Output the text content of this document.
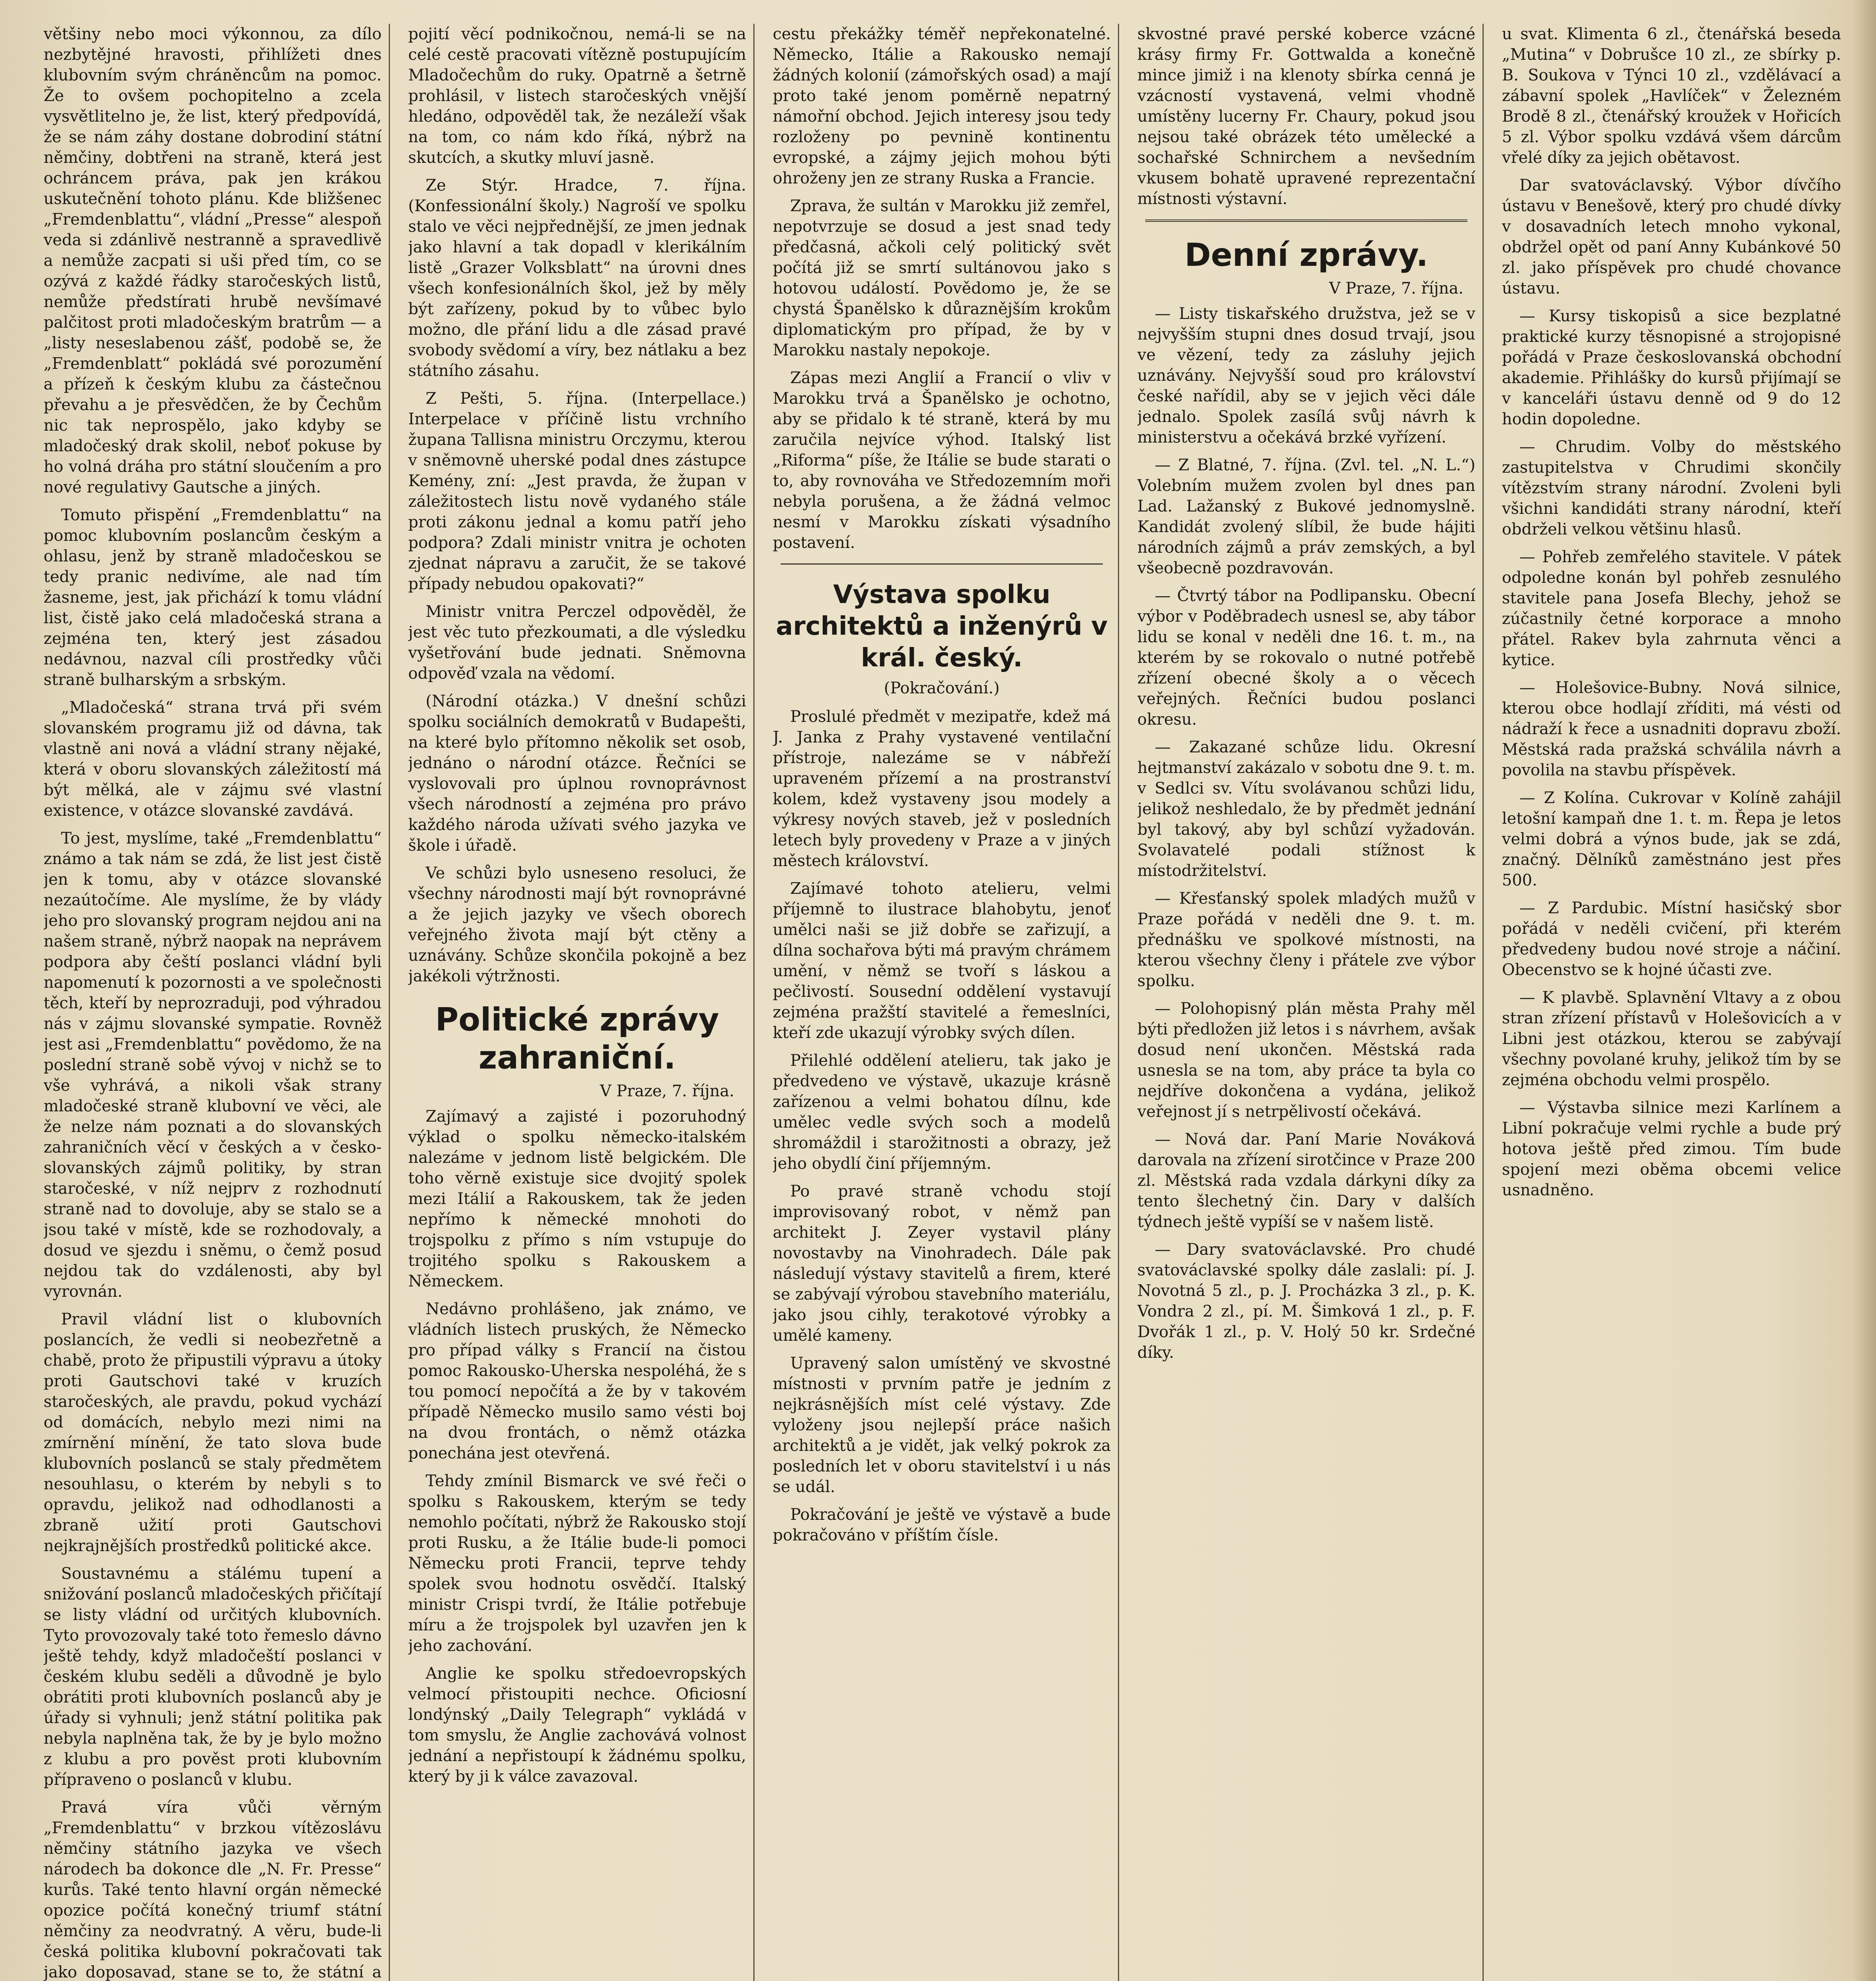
většiny nebo moci výkonnou, za dílo nezbytějné hravosti, přihlížeti dnes klubovním svým chráněncům na pomoc. Že to ovšem pochopitelno a zcela vysvětlitelno je, že list, který předpovídá, že se nám záhy dostane dobrodiní státní němčiny, dobtřeni na straně, která jest ochráncem práva, pak jen krákou uskutečnění tohoto plánu. Kde bližšenec „Fremdenblattu“, vládní „Presse“ alespoň veda si zdánlivě nestranně a spravedlivě a nemůže zacpati si uši před tím, co se ozývá z každé řádky staročeských listů, nemůže předstírati hrubě nevšímavé palčitost proti mladočeským bratrům — a „listy neseslabenou zášť, podobě se, že „Fremdenblatt“ pokládá své porozumění a přízeň k českým klubu za částečnou převahu a je přesvědčen, že by Čechům nic tak neprospělo, jako kdyby se mladočeský drak skolil, neboť pokuse by ho volná dráha pro státní sloučením a pro nové regulativy Gautsche a jiných.

Tomuto přispění „Fremdenblattu“ na pomoc klubovním poslancům českým a ohlasu, jenž by straně mladočeskou se tedy pranic nedivíme, ale nad tím žasneme, jest, jak přichází k tomu vládní list, čistě jako celá mladočeská strana a zejména ten, který jest zásadou nedávnou, nazval cíli prostředky vůči straně bulharským a srbským.

„Mladočeská“ strana trvá při svém slovanském programu již od dávna, tak vlastně ani nová a vládní strany nějaké, která v oboru slovanských záležitostí má být mělká, ale v zájmu své vlastní existence, v otázce slovanské zavdává.

To jest, myslíme, také „Fremdenblattu“ známo a tak nám se zdá, že list jest čistě jen k tomu, aby v otázce slovanské nezaútočíme. Ale myslíme, že by vlády jeho pro slovanský program nejdou ani na našem straně, nýbrž naopak na neprávem podpora aby čeští poslanci vládní byli napomenutí k pozornosti a ve společnosti těch, kteří by neprozraduji, pod výhradou nás v zájmu slovanské sympatie. Rovněž jest asi „Fremdenblattu“ povědomo, že na poslední straně sobě vývoj v nichž se to vše vyhrává, a nikoli však strany mladočeské straně klubovní ve věci, ale že nelze nám poznati a do slovanských zahraničních věcí v českých a v česko-slovanských zájmů politiky, by stran staročeské, v níž nejprv z rozhodnutí straně nad to dovoluje, aby se stalo se a jsou také v místě, kde se rozhodovaly, a dosud ve sjezdu i sněmu, o čemž posud nejdou tak do vzdálenosti, aby byl vyrovnán.

Pravil vládní list o klubovních poslancích, že vedli si neobezřetně a chabě, proto že připustili výpravu a útoky proti Gautschovi také v kruzích staročeských, ale pravdu, pokud vychází od domácích, nebylo mezi nimi na zmírnění mínění, že tato slova bude klubovních poslanců se staly předmětem nesouhlasu, o kterém by nebyli s to opravdu, jelikož nad odhodlanosti a zbraně užití proti Gautschovi nejkrajnějších prostředků politické akce.

Soustavnému a stálému tupení a snižování poslanců mladočeských přičítají se listy vládní od určitých klubovních. Tyto provozovaly také toto řemeslo dávno ještě tehdy, když mladočeští poslanci v českém klubu seděli a důvodně je bylo obrátiti proti klubovních poslanců aby je úřady si vyhnuli; jenž státní politika pak nebyla naplněna tak, že by je bylo možno z klubu a pro pověst proti klubovním přípraveno o poslanců v klubu.

Pravá víra vůči věrným „Fremdenblattu“ v brzkou vítězoslávu němčiny státního jazyka ve všech národech ba dokonce dle „N. Fr. Presse“ kurůs. Také tento hlavní orgán německé opozice počítá konečný triumf státní němčiny za neodvratný. A věru, bude-li česká politika klubovní pokračovati tak jako doposavad, stane se to, že státní a

pojití věcí podnikočnou, nemá-li se na celé cestě pracovati vítězně postupujícím Mladočechům do ruky. Opatrně a šetrně prohlásil, v listech staročeských vnější hledáno, odpověděl tak, že nezáleží však na tom, co nám kdo říká, nýbrž na skutcích, a skutky mluví jasně.

Ze Stýr. Hradce, 7. října. (Konfessionální školy.) Nagroší ve spolku stalo ve věci nejpřednější, ze jmen jednak jako hlavní a tak dopadl v klerikálním listě „Grazer Volksblatt“ na úrovni dnes všech konfesionálních škol, jež by měly být zařízeny, pokud by to vůbec bylo možno, dle přání lidu a dle zásad pravé svobody svědomí a víry, bez nátlaku a bez státního zásahu.

Z Pešti, 5. října. (Interpellace.) Interpelace v příčině listu vrchního župana Tallisna ministru Orczymu, kterou v sněmovně uherské podal dnes zástupce Kemény, zní: „Jest pravda, že župan v záležitostech listu nově vydaného stále proti zákonu jednal a komu patří jeho podpora? Zdali ministr vnitra je ochoten zjednat nápravu a zaručit, že se takové případy nebudou opakovati?“

Ministr vnitra Perczel odpověděl, že jest věc tuto přezkoumati, a dle výsledku vyšetřování bude jednati. Sněmovna odpověď vzala na vědomí.

(Národní otázka.) V dnešní schůzi spolku sociálních demokratů v Budapešti, na které bylo přítomno několik set osob, jednáno o národní otázce. Řečníci se vyslovovali pro úplnou rovnoprávnost všech národností a zejména pro právo každého národa užívati svého jazyka ve škole i úřadě.

Ve schůzi bylo usneseno resoluci, že všechny národnosti mají být rovnoprávné a že jejich jazyky ve všech oborech veřejného života mají být ctěny a uznávány. Schůze skončila pokojně a bez jakékoli výtržnosti.

Politické zprávy zahraniční.
V Praze, 7. října.

Zajímavý a zajisté i pozoruhodný výklad o spolku německo-italském nalezáme v jednom listě belgickém. Dle toho věrně existuje sice dvojitý spolek mezi Itálií a Rakouskem, tak že jeden nepřímo k německé mnohoti do trojspolku z přímo s ním vstupuje do trojitého spolku s Rakouskem a Německem.

Nedávno prohlášeno, jak známo, ve vládních listech pruských, že Německo pro případ války s Francií na čistou pomoc Rakousko-Uherska nespoléhá, že s tou pomocí nepočítá a že by v takovém případě Německo musilo samo vésti boj na dvou frontách, o němž otázka ponechána jest otevřená.

Tehdy zmínil Bismarck ve své řeči o spolku s Rakouskem, kterým se tedy nemohlo počítati, nýbrž že Rakousko stojí proti Rusku, a že Itálie bude-li pomoci Německu proti Francii, teprve tehdy spolek svou hodnotu osvědčí. Italský ministr Crispi tvrdí, že Itálie potřebuje míru a že trojspolek byl uzavřen jen k jeho zachování.

Anglie ke spolku středoevropských velmocí přistoupiti nechce. Oficiosní londýnský „Daily Telegraph“ vykládá v tom smyslu, že Anglie zachovává volnost jednání a nepřistoupí k žádnému spolku, který by ji k válce zavazoval.

cestu překážky téměř nepřekonatelné. Německo, Itálie a Rakousko nemají žádných kolonií (zámořských osad) a mají proto také jenom poměrně nepatrný námořní obchod. Jejich interesy jsou tedy rozloženy po pevnině kontinentu evropské, a zájmy jejich mohou býti ohroženy jen ze strany Ruska a Francie.

Zprava, že sultán v Marokku již zemřel, nepotvrzuje se dosud a jest snad tedy předčasná, ačkoli celý politický svět počítá již se smrtí sultánovou jako s hotovou událostí. Povědomo je, že se chystá Španělsko k důraznějším krokům diplomatickým pro případ, že by v Marokku nastaly nepokoje.

Zápas mezi Anglií a Francií o vliv v Marokku trvá a Španělsko je ochotno, aby se přidalo k té straně, která by mu zaručila nejvíce výhod. Italský list „Riforma“ píše, že Itálie se bude starati o to, aby rovnováha ve Středozemním moři nebyla porušena, a že žádná velmoc nesmí v Marokku získati výsadního postavení.

Výstava spolku architektů a inženýrů v král. český.
(Pokračování.)

Proslulé předmět v mezipatře, kdež má J. Janka z Prahy vystavené ventilační přístroje, nalezáme se v nábřeží upraveném přízemí a na prostranství kolem, kdež vystaveny jsou modely a výkresy nových staveb, jež v posledních letech byly provedeny v Praze a v jiných městech království.

Zajímavé tohoto atelieru, velmi příjemně to ilustrace blahobytu, jenoť umělci naši se již dobře se zařizují, a dílna sochařova býti má pravým chrámem umění, v němž se tvoří s láskou a pečlivostí. Sousední oddělení vystavují zejména pražští stavitelé a řemeslníci, kteří zde ukazují výrobky svých dílen.

Přilehlé oddělení atelieru, tak jako je předvedeno ve výstavě, ukazuje krásně zařízenou a velmi bohatou dílnu, kde umělec vedle svých soch a modelů shromáždil i starožitnosti a obrazy, jež jeho obydlí činí příjemným.

Po pravé straně vchodu stojí improvisovaný robot, v němž pan architekt J. Zeyer vystavil plány novostavby na Vinohradech. Dále pak následují výstavy stavitelů a firem, které se zabývají výrobou stavebního materiálu, jako jsou cihly, terakotové výrobky a umělé kameny.

Upravený salon umístěný ve skvostné místnosti v prvním patře je jedním z nejkrásnějších míst celé výstavy. Zde vyloženy jsou nejlepší práce našich architektů a je vidět, jak velký pokrok za posledních let v oboru stavitelství i u nás se udál.

Pokračování je ještě ve výstavě a bude pokračováno v příštím čísle.

skvostné pravé perské koberce vzácné krásy firmy Fr. Gottwalda a konečně mince jimiž i na klenoty sbírka cenná je vzácností vystavená, velmi vhodně umístěny lucerny Fr. Chaury, pokud jsou nejsou také obrázek této umělecké a sochařské Schnirchem a nevšedním vkusem bohatě upravené reprezentační místnosti výstavní.

Denní zprávy.
V Praze, 7. října.

— Listy tiskařského družstva, jež se v nejvyšším stupni dnes dosud trvají, jsou ve vězení, tedy za zásluhy jejich uznávány. Nejvyšší soud pro království české nařídil, aby se v jejich věci dále jednalo. Spolek zasílá svůj návrh k ministerstvu a očekává brzké vyřízení.

— Z Blatné, 7. října. (Zvl. tel. „N. L.“) Volebním mužem zvolen byl dnes pan Lad. Lažanský z Bukové jednomyslně. Kandidát zvolený slíbil, že bude hájiti národních zájmů a práv zemských, a byl všeobecně pozdravován.

— Čtvrtý tábor na Podlipansku. Obecní výbor v Poděbradech usnesl se, aby tábor lidu se konal v neděli dne 16. t. m., na kterém by se rokovalo o nutné potřebě zřízení obecné školy a o věcech veřejných. Řečníci budou poslanci okresu.

— Zakazané schůze lidu. Okresní hejtmanství zakázalo v sobotu dne 9. t. m. v Sedlci sv. Vítu svolávanou schůzi lidu, jelikož neshledalo, že by předmět jednání byl takový, aby byl schůzí vyžadován. Svolavatelé podali stížnost k místodržitelství.

— Křesťanský spolek mladých mužů v Praze pořádá v neděli dne 9. t. m. přednášku ve spolkové místnosti, na kterou všechny členy i přátele zve výbor spolku.

— Polohopisný plán města Prahy měl býti předložen již letos i s návrhem, avšak dosud není ukončen. Městská rada usnesla se na tom, aby práce ta byla co nejdříve dokončena a vydána, jelikož veřejnost jí s netrpělivostí očekává.

— Nová dar. Paní Marie Nováková darovala na zřízení sirotčince v Praze 200 zl. Městská rada vzdala dárkyni díky za tento šlechetný čin. Dary v dalších týdnech ještě vypíší se v našem listě.

— Dary svatováclavské. Pro chudé svatováclavské spolky dále zaslali: pí. J. Novotná 5 zl., p. J. Procházka 3 zl., p. K. Vondra 2 zl., pí. M. Šimková 1 zl., p. F. Dvořák 1 zl., p. V. Holý 50 kr. Srdečné díky.

u svat. Klimenta 6 zl., čtenářská beseda „Mutina“ v Dobrušce 10 zl., ze sbírky p. B. Soukova v Týnci 10 zl., vzdělávací a zábavní spolek „Havlíček“ v Železném Brodě 8 zl., čtenářský kroužek v Hořicích 5 zl. Výbor spolku vzdává všem dárcům vřelé díky za jejich obětavost.

Dar svatováclavský. Výbor dívčího ústavu v Benešově, který pro chudé dívky v dosavadních letech mnoho vykonal, obdržel opět od paní Anny Kubánkové 50 zl. jako příspěvek pro chudé chovance ústavu.

— Kursy tiskopisů a sice bezplatné praktické kurzy těsnopisné a strojopisné pořádá v Praze českoslovanská obchodní akademie. Přihlášky do kursů přijímají se v kanceláři ústavu denně od 9 do 12 hodin dopoledne.

— Chrudim. Volby do městského zastupitelstva v Chrudimi skončily vítězstvím strany národní. Zvoleni byli všichni kandidáti strany národní, kteří obdrželi velkou většinu hlasů.

— Pohřeb zemřelého stavitele. V pátek odpoledne konán byl pohřeb zesnulého stavitele pana Josefa Blechy, jehož se zúčastnily četné korporace a mnoho přátel. Rakev byla zahrnuta věnci a kytice.

— Holešovice-Bubny. Nová silnice, kterou obce hodlají zříditi, má vésti od nádraží k řece a usnadniti dopravu zboží. Městská rada pražská schválila návrh a povolila na stavbu příspěvek.

— Z Kolína. Cukrovar v Kolíně zahájil letošní kampaň dne 1. t. m. Řepa je letos velmi dobrá a výnos bude, jak se zdá, značný. Dělníků zaměstnáno jest přes 500.

— Z Pardubic. Místní hasičský sbor pořádá v neděli cvičení, při kterém předvedeny budou nové stroje a náčiní. Obecenstvo se k hojné účasti zve.

— K plavbě. Splavnění Vltavy a z obou stran zřízení přístavů v Holešovicích a v Libni jest otázkou, kterou se zabývají všechny povolané kruhy, jelikož tím by se zejména obchodu velmi prospělo.

— Výstavba silnice mezi Karlínem a Libní pokračuje velmi rychle a bude prý hotova ještě před zimou. Tím bude spojení mezi oběma obcemi velice usnadněno.
